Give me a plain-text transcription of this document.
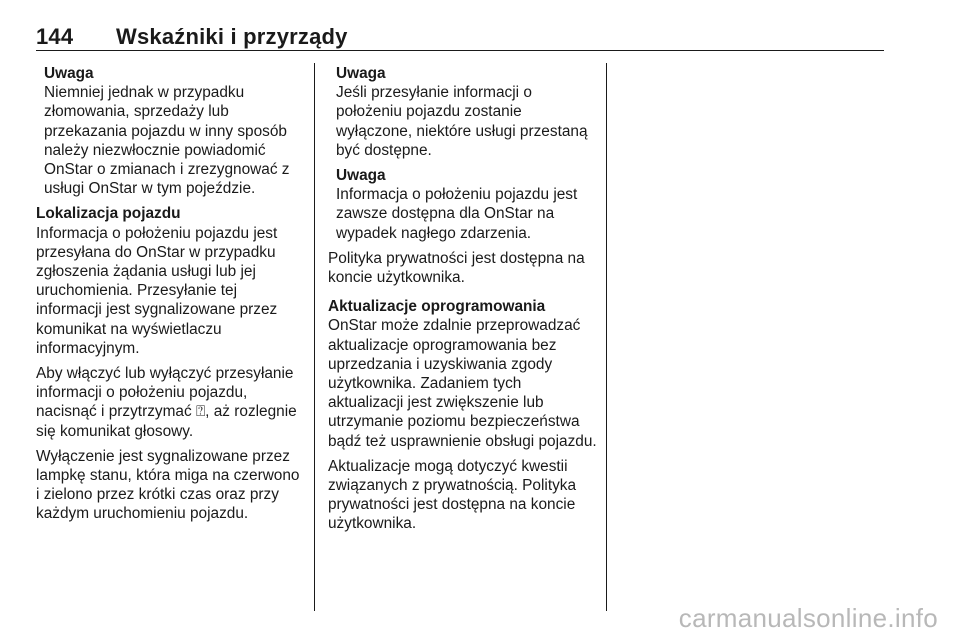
144 Wskaźniki i przyrządy
Uwaga
Niemniej jednak w przypadku złomowania, sprzedaży lub przekazania pojazdu w inny sposób należy niezwłocznie powiadomić OnStar o zmianach i zrezygnować z usługi OnStar w tym pojeździe.
Lokalizacja pojazdu

Informacja o położeniu pojazdu jest przesyłana do OnStar w przypadku zgłoszenia żądania usługi lub jej uruchomienia. Przesyłanie tej informacji jest sygnalizowane przez komunikat na wyświetlaczu informacyjnym.

Aby włączyć lub wyłączyć przesyłanie informacji o położeniu pojazdu, nacisnąć i przytrzymać ⍰, aż rozlegnie się komunikat głosowy.

Wyłączenie jest sygnalizowane przez lampkę stanu, która miga na czerwono i zielono przez krótki czas oraz przy każdym uruchomieniu pojazdu.

Uwaga
Jeśli przesyłanie informacji o położeniu pojazdu zostanie wyłączone, niektóre usługi przestaną być dostępne.
Uwaga
Informacja o położeniu pojazdu jest zawsze dostępna dla OnStar na wypadek nagłego zdarzenia.

Polityka prywatności jest dostępna na koncie użytkownika.

Aktualizacje oprogramowania

OnStar może zdalnie przeprowadzać aktualizacje oprogramowania bez uprzedzania i uzyskiwania zgody użytkownika. Zadaniem tych aktualizacji jest zwiększenie lub utrzymanie poziomu bezpieczeństwa bądź też usprawnienie obsługi pojazdu.

Aktualizacje mogą dotyczyć kwestii związanych z prywatnością. Polityka prywatności jest dostępna na koncie użytkownika.

carmanualsonline.info
